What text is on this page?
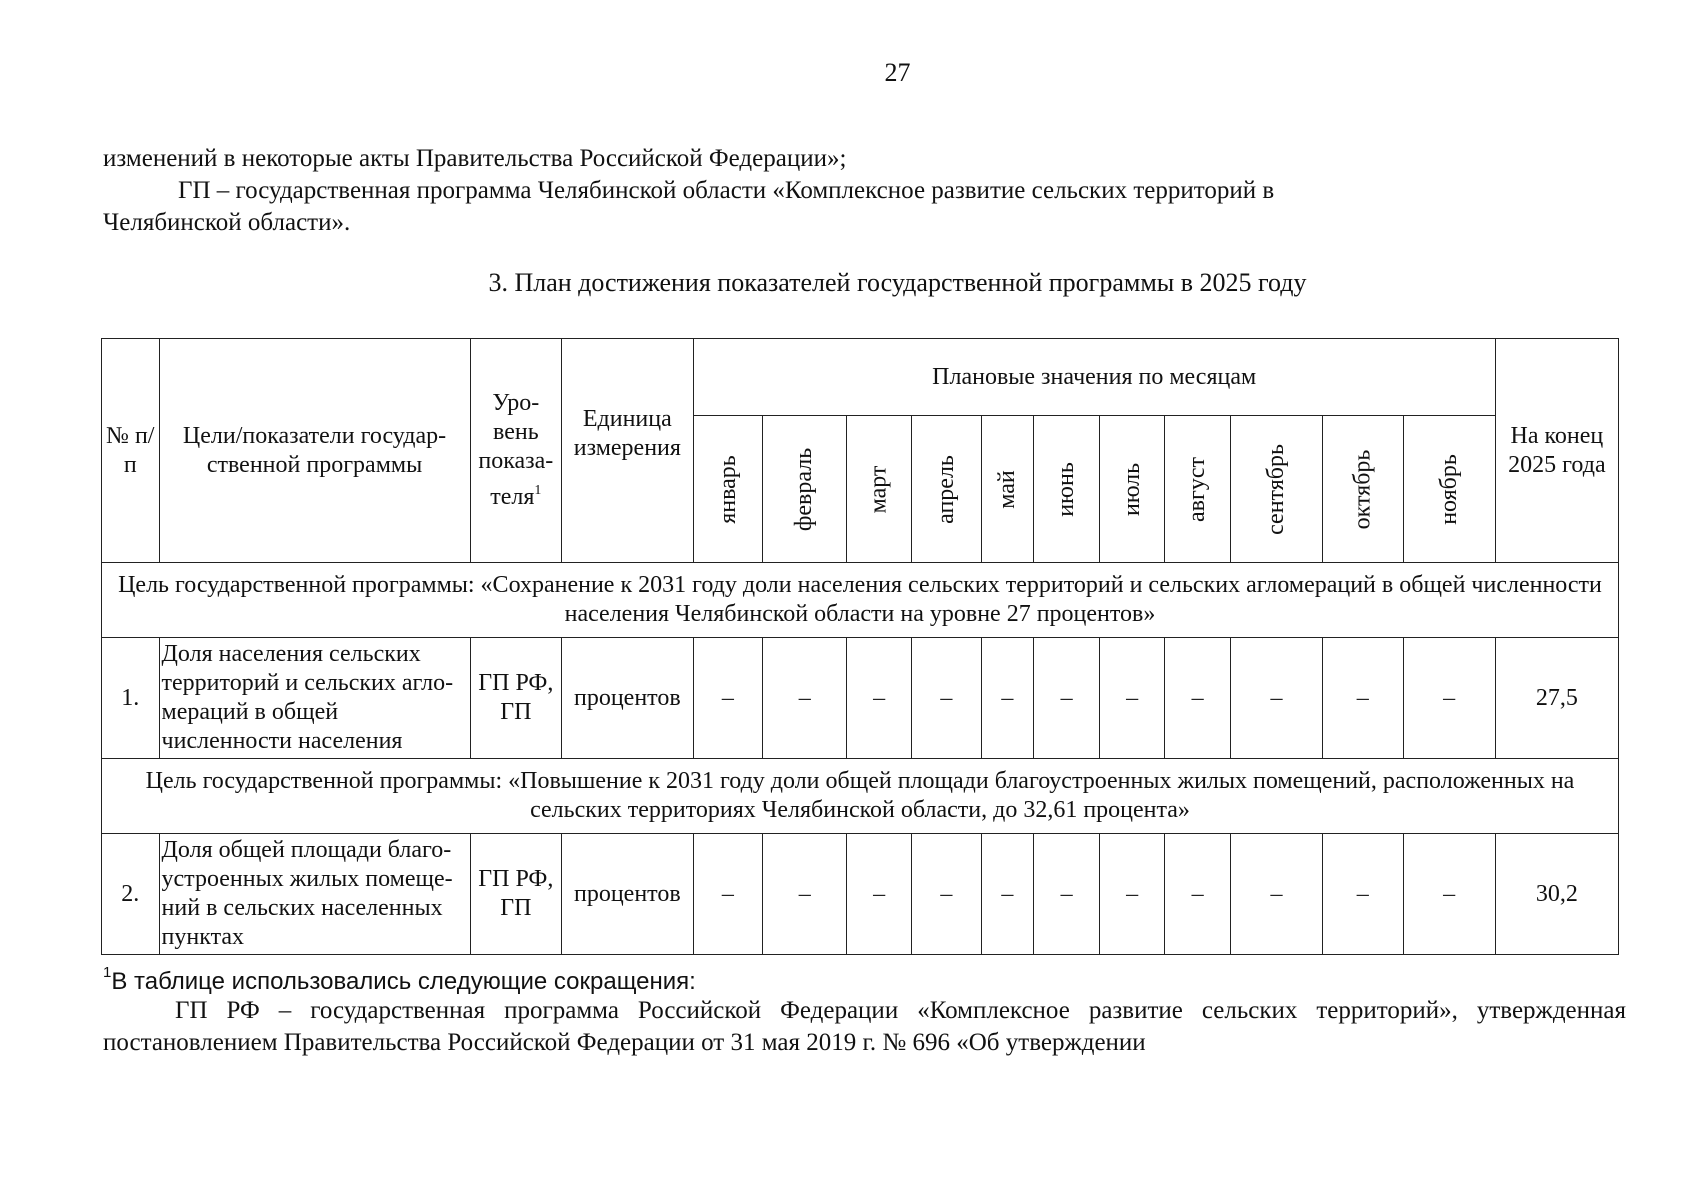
27
изменений в некоторые акты Правительства Российской Федерации»;
ГП – государственная программа Челябинской области «Комплексное развитие сельских территорий в
Челябинской области».
3. План достижения показателей государственной программы в 2025 году
№ п/п	Цели/показатели государ-ственной программы	Уро-вень показа-теля$^1$	Единица измерения	Плановые значения по месяцам											На конец 2025 года
				январь	февраль	март	апрель	май	июнь	июль	август	сентябрь	октябрь	ноябрь	
Цель государственной программы: «Сохранение к 2031 году доли населения сельских территорий и сельских агломераций в общей численности населения Челябинской области на уровне 27 процентов»															
1.	Доля населения сельских территорий и сельских агло-мераций в общей численности населения	ГП РФ, ГП	процентов	–	–	–	–	–	–	–	–	–	–	–	27,5
Цель государственной программы: «Повышение к 2031 году доли общей площади благоустроенных жилых помещений, расположенных на сельских территориях Челябинской области, до 32,61 процента»															
2.	Доля общей площади благо-устроенных жилых помеще-ний в сельских населенных пунктах	ГП РФ, ГП	процентов	–	–	–	–	–	–	–	–	–	–	–	30,2
$^1$В таблице использовались следующие сокращения:
ГП РФ – государственная программа Российской Федерации «Комплексное развитие сельских территорий», утвержденная постановлением Правительства Российской Федерации от 31 мая 2019 г. № 696 «Об утверждении
